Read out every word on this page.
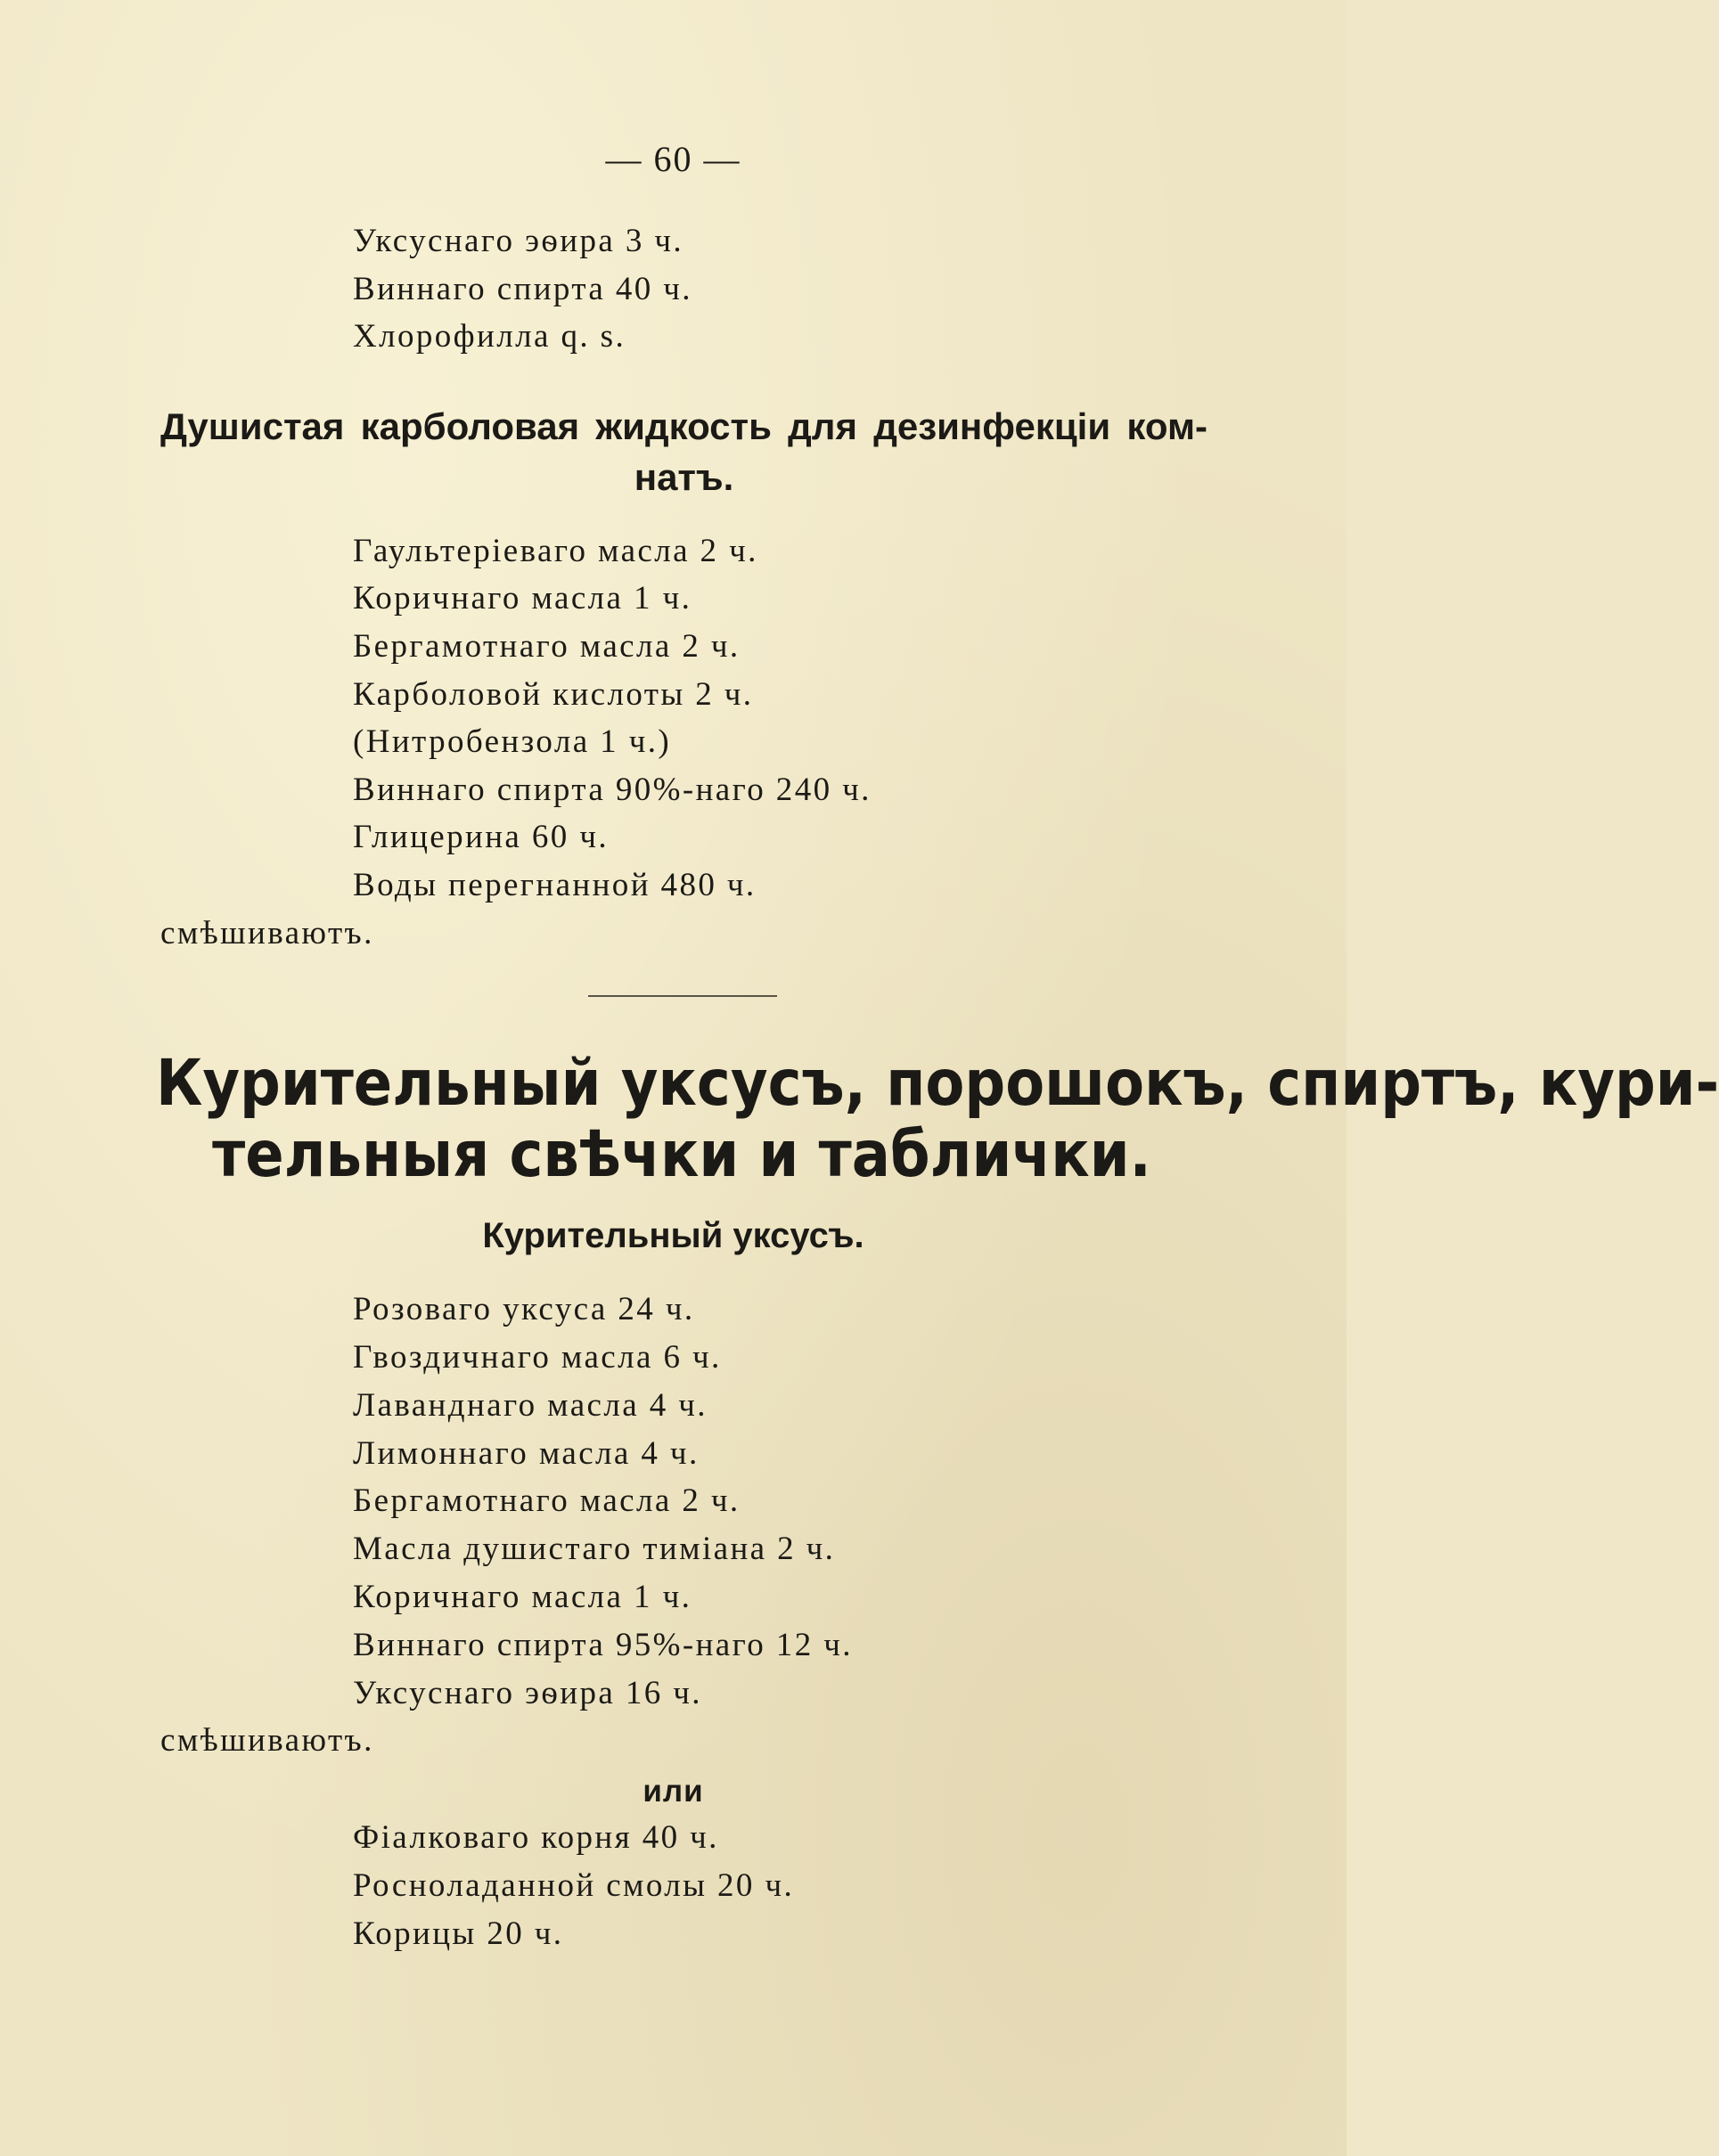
— 60 —
Уксуснаго эѳира 3 ч.
Виннаго спирта 40 ч.
Хлорофилла q. s.
Душистая карболовая жидкость для дезинфекціи ком-
натъ.
Гаультеріеваго масла 2 ч.
Коричнаго масла 1 ч.
Бергамотнаго масла 2 ч.
Карболовой кислоты 2 ч.
(Нитробензола 1 ч.)
Виннаго спирта 90%-наго 240 ч.
Глицерина 60 ч.
Воды перегнанной 480 ч.
смѣшиваютъ.
Курительный уксусъ, порошокъ, спиртъ, кури-
тельныя свѣчки и таблички.
Курительный уксусъ.
Розоваго уксуса 24 ч.
Гвоздичнаго масла 6 ч.
Лаванднаго масла 4 ч.
Лимоннаго масла 4 ч.
Бергамотнаго масла 2 ч.
Масла душистаго тиміана 2 ч.
Коричнаго масла 1 ч.
Виннаго спирта 95%-наго 12 ч.
Уксуснаго эѳира 16 ч.
смѣшиваютъ.
или
Фіалковаго корня 40 ч.
Росноладанной смолы 20 ч.
Корицы 20 ч.
